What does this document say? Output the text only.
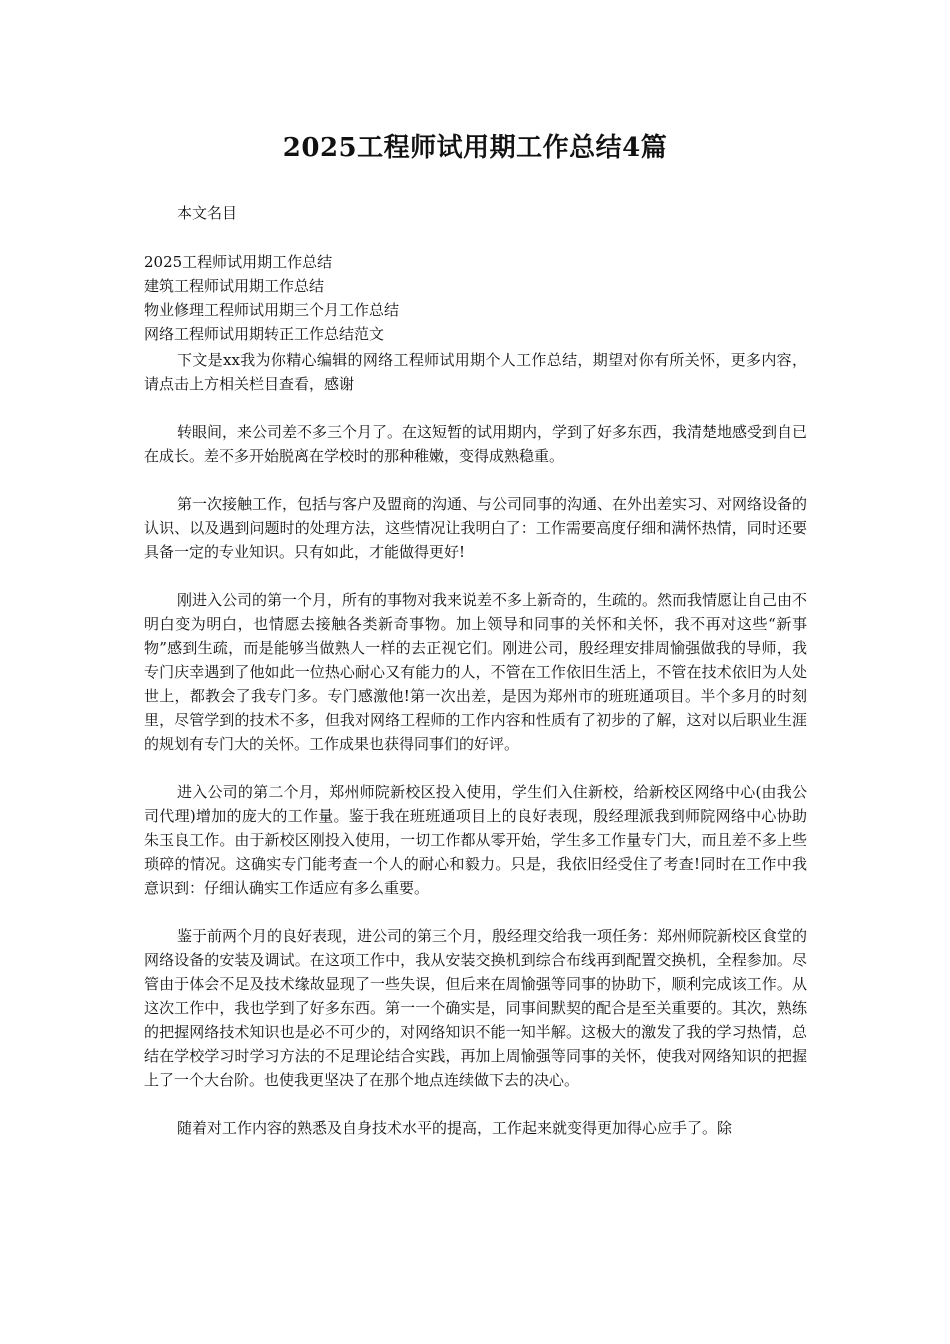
2025工程师试用期工作总结4篇
本文名目
2025工程师试用期工作总结
建筑工程师试用期工作总结
物业修理工程师试用期三个月工作总结
网络工程师试用期转正工作总结范文

下文是xx我为你精心编辑的网络工程师试用期个人工作总结，期望对你有所关怀，更多内容，请点击上方相关栏目查看，感谢

转眼间，来公司差不多三个月了。在这短暂的试用期内，学到了好多东西，我清楚地感受到自已在成长。差不多开始脱离在学校时的那种稚嫩，变得成熟稳重。

第一次接触工作，包括与客户及盟商的沟通、与公司同事的沟通、在外出差实习、对网络设备的认识、以及遇到问题时的处理方法，这些情况让我明白了：工作需要高度仔细和满怀热情，同时还要具备一定的专业知识。只有如此，才能做得更好!

刚进入公司的第一个月，所有的事物对我来说差不多上新奇的，生疏的。然而我情愿让自己由不明白变为明白，也情愿去接触各类新奇事物。加上领导和同事的关怀和关怀，我不再对这些“新事物”感到生疏，而是能够当做熟人一样的去正视它们。刚进公司，殷经理安排周愉强做我的导师，我专门庆幸遇到了他如此一位热心耐心又有能力的人，不管在工作依旧生活上，不管在技术依旧为人处世上，都教会了我专门多。专门感激他!第一次出差，是因为郑州市的班班通项目。半个多月的时刻里，尽管学到的技术不多，但我对网络工程师的工作内容和性质有了初步的了解，这对以后职业生涯的规划有专门大的关怀。工作成果也获得同事们的好评。

进入公司的第二个月，郑州师院新校区投入使用，学生们入住新校，给新校区网络中心(由我公司代理)增加的庞大的工作量。鉴于我在班班通项目上的良好表现，殷经理派我到师院网络中心协助朱玉良工作。由于新校区刚投入使用，一切工作都从零开始，学生多工作量专门大，而且差不多上些琐碎的情况。这确实专门能考查一个人的耐心和毅力。只是，我依旧经受住了考查!同时在工作中我意识到：仔细认确实工作适应有多么重要。

鉴于前两个月的良好表现，进公司的第三个月，殷经理交给我一项任务：郑州师院新校区食堂的网络设备的安装及调试。在这项工作中，我从安装交换机到综合布线再到配置交换机，全程参加。尽管由于体会不足及技术缘故显现了一些失误，但后来在周愉强等同事的协助下，顺利完成该工作。从这次工作中，我也学到了好多东西。第一一个确实是，同事间默契的配合是至关重要的。其次，熟练的把握网络技术知识也是必不可少的，对网络知识不能一知半解。这极大的激发了我的学习热情，总结在学校学习时学习方法的不足理论结合实践，再加上周愉强等同事的关怀，使我对网络知识的把握上了一个大台阶。也使我更坚决了在那个地点连续做下去的决心。

随着对工作内容的熟悉及自身技术水平的提高，工作起来就变得更加得心应手了。除
